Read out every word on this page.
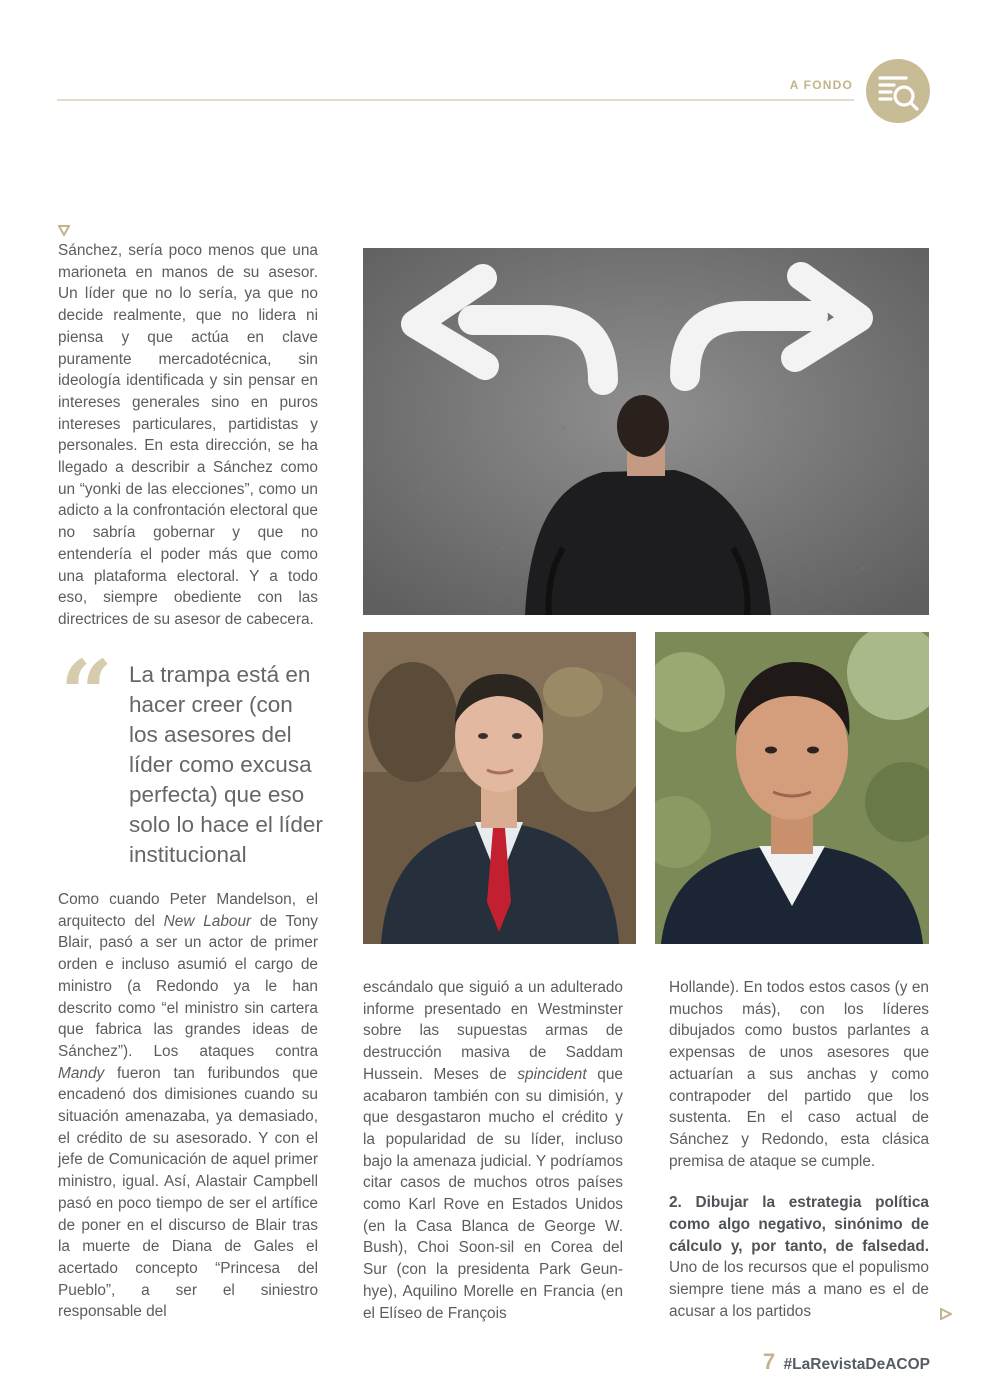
A FONDO

Sánchez, sería poco menos que una marioneta en manos de su asesor. Un líder que no lo sería, ya que no decide realmente, que no lidera ni piensa y que actúa en clave puramente mercadotécnica, sin ideología identificada y sin pensar en intereses generales sino en puros intereses particulares, partidistas y personales. En esta dirección, se ha llegado a describir a Sánchez como un “yonki de las elecciones”, como un adicto a la confrontación electoral que no sabría gobernar y que no entendería el poder más que como una plataforma electoral. Y a todo eso, siempre obediente con las directrices de su asesor de cabecera.

“ La trampa está en hacer creer (con los asesores del líder como excusa perfecta) que eso solo lo hace el líder institucional

Como cuando Peter Mandelson, el arquitecto del New Labour de Tony Blair, pasó a ser un actor de primer orden e incluso asumió el cargo de ministro (a Redondo ya le han descrito como “el ministro sin cartera que fabrica las grandes ideas de Sánchez”). Los ataques contra Mandy fueron tan furibundos que encadenó dos dimisiones cuando su situación amenazaba, ya demasiado, el crédito de su asesorado. Y con el jefe de Comunicación de aquel primer ministro, igual. Así, Alastair Campbell pasó en poco tiempo de ser el artífice de poner en el discurso de Blair tras la muerte de Diana de Gales el acertado concepto “Princesa del Pueblo”, a ser el siniestro responsable del

escándalo que siguió a un adulterado informe presentado en Westminster sobre las supuestas armas de destrucción masiva de Saddam Hussein. Meses de spincident que acabaron también con su dimisión, y que desgastaron mucho el crédito y la popularidad de su líder, incluso bajo la amenaza judicial. Y podríamos citar casos de muchos otros países como Karl Rove en Estados Unidos (en la Casa Blanca de George W. Bush), Choi Soon-sil en Corea del Sur (con la presidenta Park Geun-hye), Aquilino Morelle en Francia (en el Elíseo de François

Hollande). En todos estos casos (y en muchos más), con los líderes dibujados como bustos parlantes a expensas de unos asesores que actuarían a sus anchas y como contrapoder del partido que los sustenta. En el caso actual de Sánchez y Redondo, esta clásica premisa de ataque se cumple.

2. Dibujar la estrategia política como algo negativo, sinónimo de cálculo y, por tanto, de falsedad. Uno de los recursos que el populismo siempre tiene más a mano es el de acusar a los partidos

7 #LaRevistaDeACOP
